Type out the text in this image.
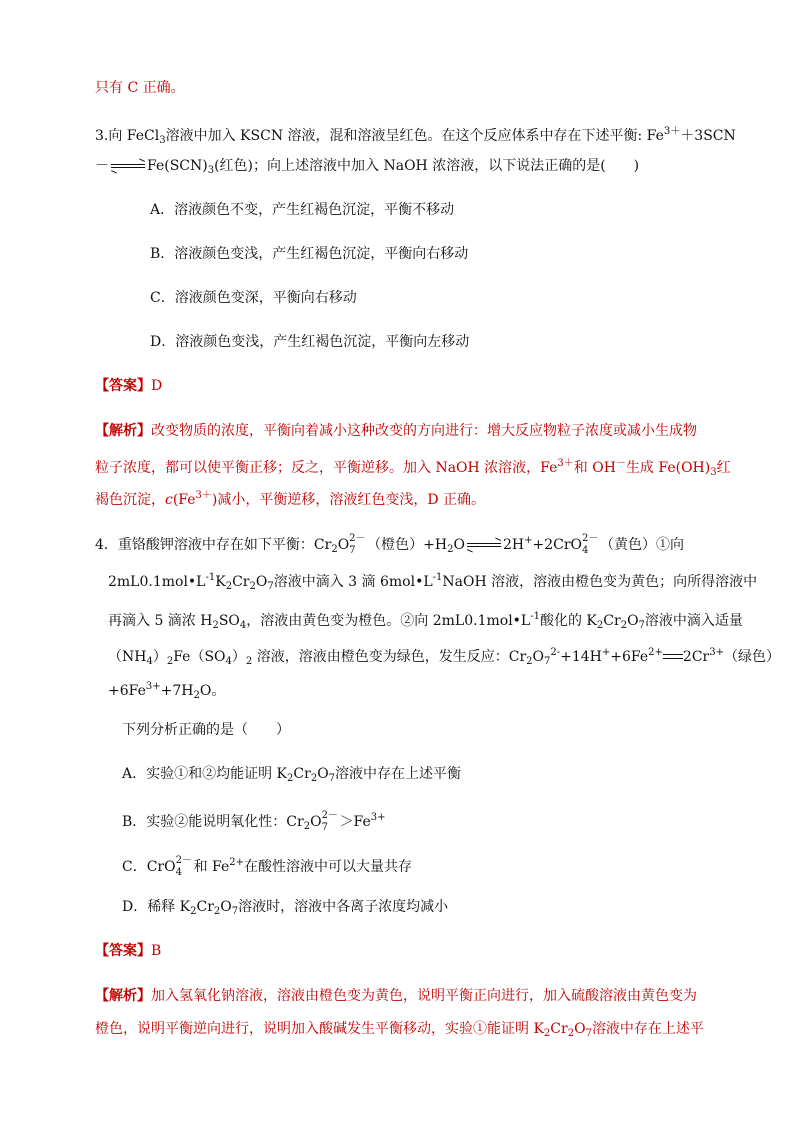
只有 C 正确。
3.向 FeCl$_3$溶液中加入 KSCN 溶液，混和溶液呈红色。在这个反应体系中存在下述平衡: $Fe^{3+}+3SCN$
－ → $Fe(SCN)_3$(红色)；向上述溶液中加入 NaOH 浓溶液，以下说法正确的是(　　)
A．溶液颜色不变，产生红褐色沉淀，平衡不移动
B．溶液颜色变浅，产生红褐色沉淀，平衡向右移动
C．溶液颜色变深，平衡向右移动
D．溶液颜色变浅，产生红褐色沉淀，平衡向左移动
【答案】D
【解析】改变物质的浓度，平衡向着减小这种改变的方向进行：增大反应物粒子浓度或减小生成物
粒子浓度，都可以使平衡正移；反之，平衡逆移。加入 NaOH 浓溶液，$Fe^{3+}$和 OH－生成 $Fe(OH)_3$红
褐色沉淀，$c(Fe^{3+})$减小，平衡逆移，溶液红色变浅，D 正确。
4．重铬酸钾溶液中存在如下平衡：$Cr_2O$ 2－
7 （橙色）$+H_2O \to 2H^++2CrO$ 2－
4 （黄色）①向
$2mL0.1mol•L^{-1}K_2Cr_2O_7$溶液中滴入 3 滴 $6mol•L^{-1}NaOH$ 溶液，溶液由橙色变为黄色；向所得溶液中
再滴入 5 滴浓 $H_2SO_4$，溶液由黄色变为橙色。②向 $2mL0.1mol•L^{-1}$酸化的 $K_2Cr_2O_7$溶液中滴入适量
$(NH_4)_2Fe(SO_4)_2$ 溶液，溶液由橙色变为绿色，发生反应：$Cr_2O_7^{2-}+14H^++6Fe^{2+}$ $2Cr^{3+}$（绿色）
$+6Fe^{3+}+7H_2O$。
下列分析正确的是（　　）
A．实验①和②均能证明 $K_2Cr_2O_7$溶液中存在上述平衡
B．实验②能说明氧化性：$Cr_2O$ 2－
$7 >Fe^{3+}$
C．CrO 2－
4 和 $Fe^{2+}$在酸性溶液中可以大量共存
D．稀释 $K_2Cr_2O_7$溶液时，溶液中各离子浓度均减小
【答案】B
【解析】加入氢氧化钠溶液，溶液由橙色变为黄色，说明平衡正向进行，加入硫酸溶液由黄色变为
橙色，说明平衡逆向进行，说明加入酸碱发生平衡移动，实验①能证明 $K_2Cr_2O_7$溶液中存在上述平
